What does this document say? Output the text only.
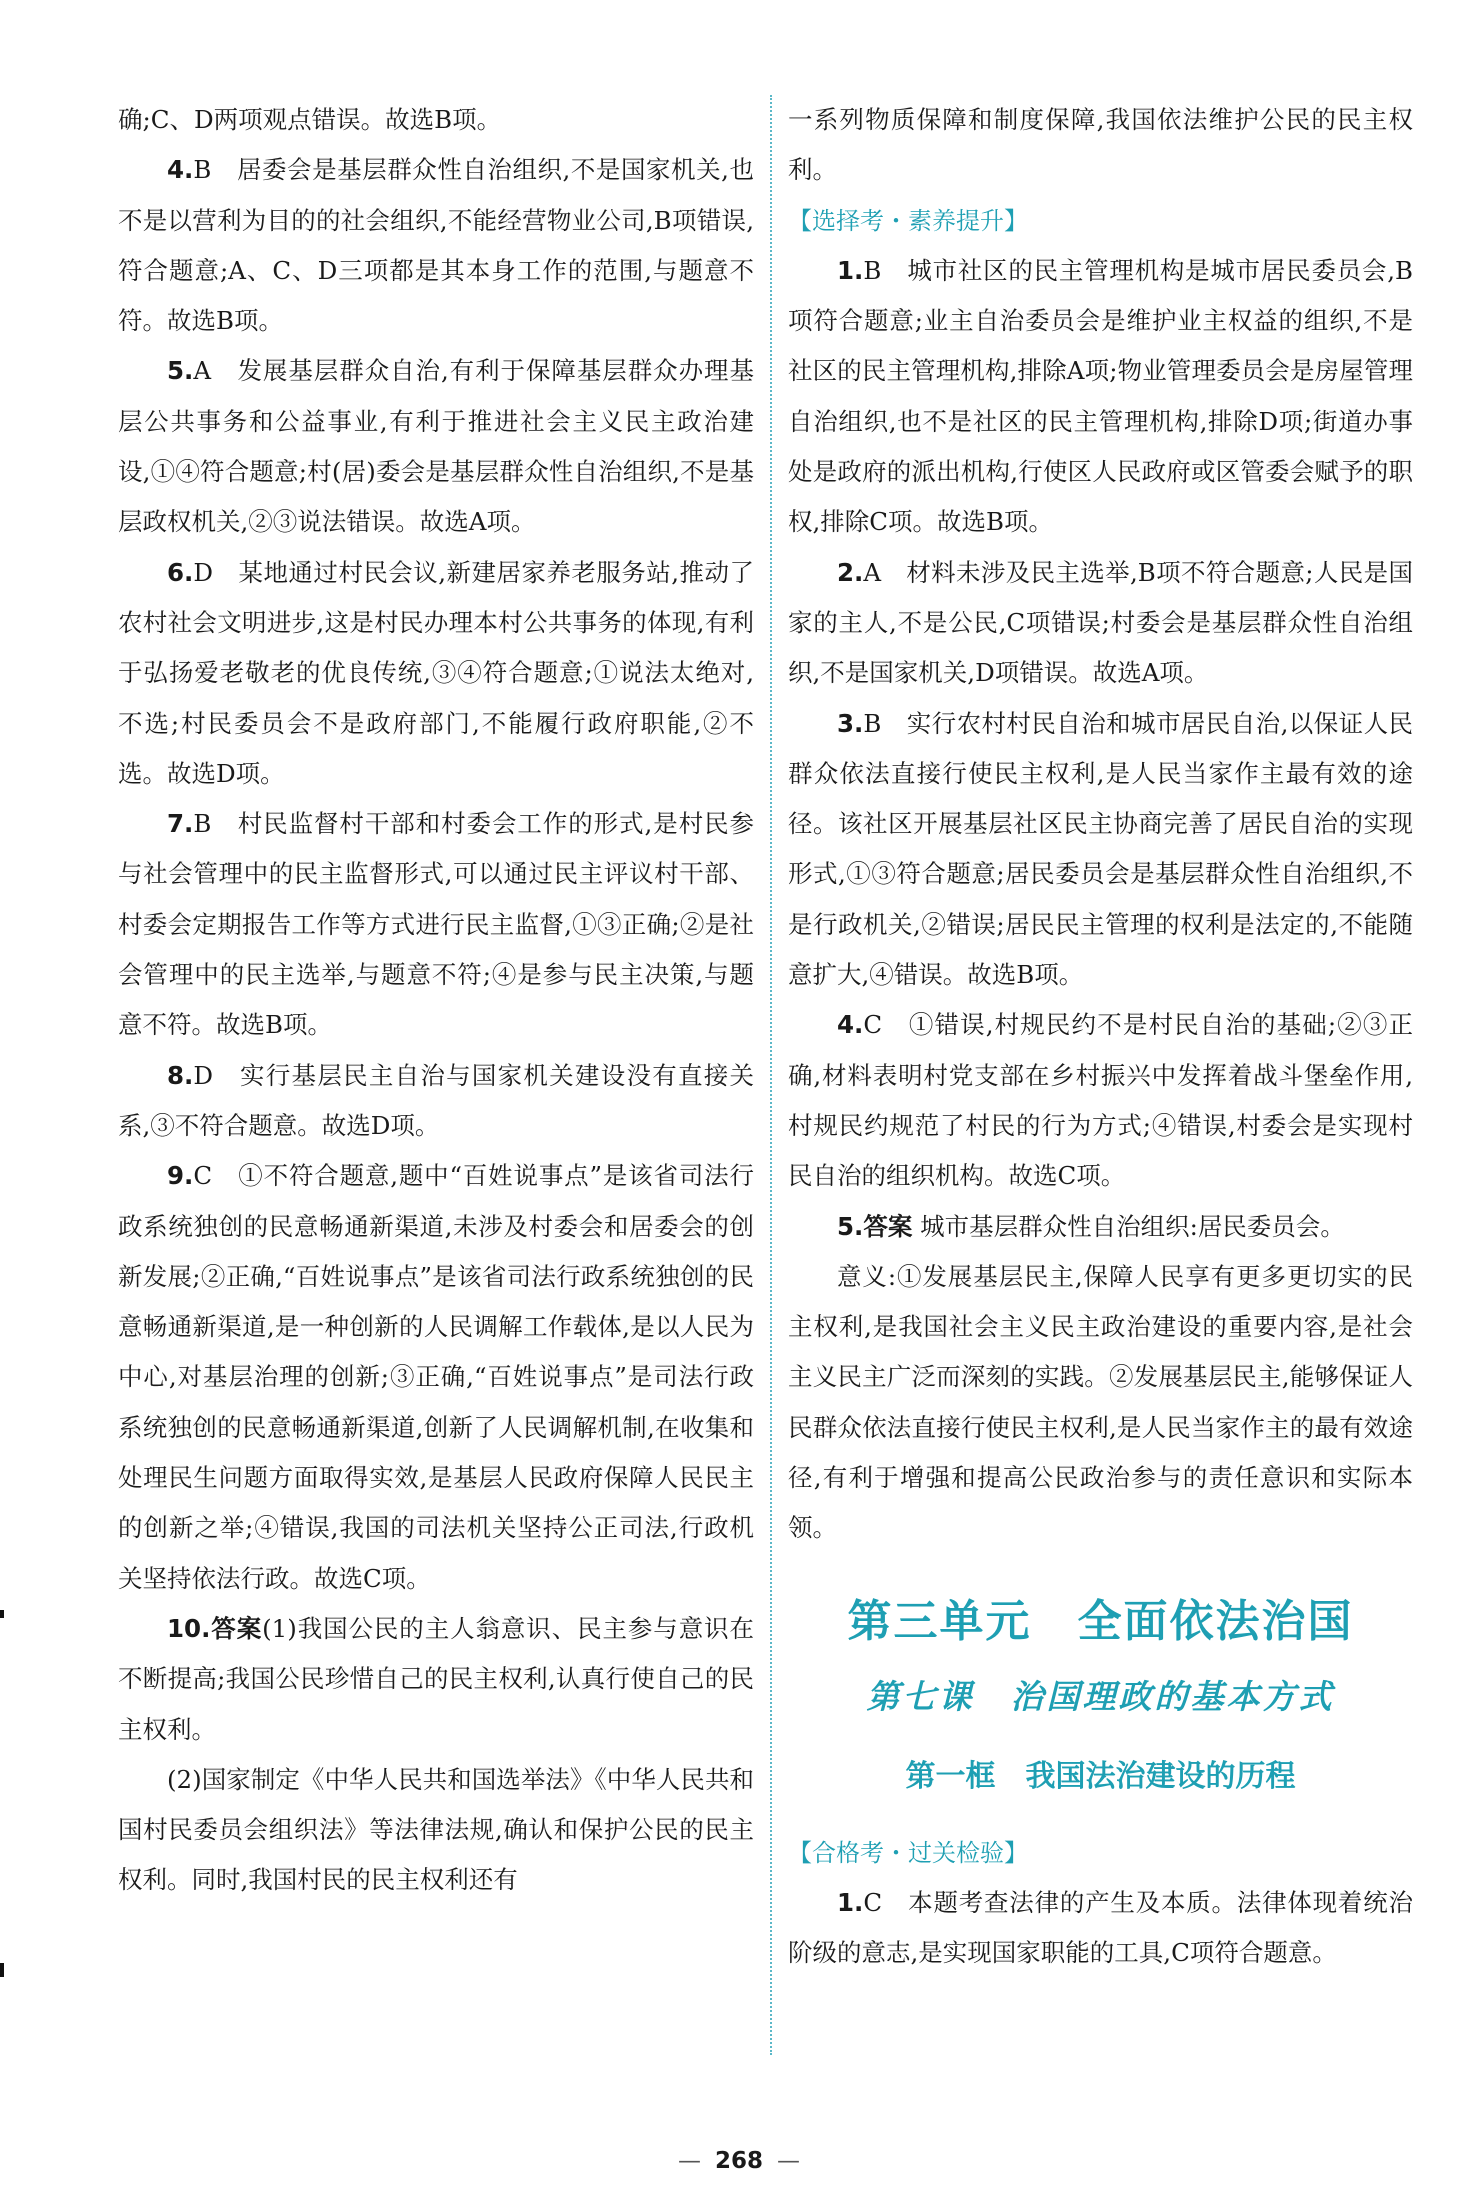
确;C、D两项观点错误。故选B项。

4.B　居委会是基层群众性自治组织,不是国家机关,也不是以营利为目的的社会组织,不能经营物业公司,B项错误,符合题意;A、C、D三项都是其本身工作的范围,与题意不符。故选B项。

5.A　发展基层群众自治,有利于保障基层群众办理基层公共事务和公益事业,有利于推进社会主义民主政治建设,①④符合题意;村(居)委会是基层群众性自治组织,不是基层政权机关,②③说法错误。故选A项。

6.D　某地通过村民会议,新建居家养老服务站,推动了农村社会文明进步,这是村民办理本村公共事务的体现,有利于弘扬爱老敬老的优良传统,③④符合题意;①说法太绝对,不选;村民委员会不是政府部门,不能履行政府职能,②不选。故选D项。

7.B　村民监督村干部和村委会工作的形式,是村民参与社会管理中的民主监督形式,可以通过民主评议村干部、村委会定期报告工作等方式进行民主监督,①③正确;②是社会管理中的民主选举,与题意不符;④是参与民主决策,与题意不符。故选B项。

8.D　实行基层民主自治与国家机关建设没有直接关系,③不符合题意。故选D项。

9.C　①不符合题意,题中“百姓说事点”是该省司法行政系统独创的民意畅通新渠道,未涉及村委会和居委会的创新发展;②正确,“百姓说事点”是该省司法行政系统独创的民意畅通新渠道,是一种创新的人民调解工作载体,是以人民为中心,对基层治理的创新;③正确,“百姓说事点”是司法行政系统独创的民意畅通新渠道,创新了人民调解机制,在收集和处理民生问题方面取得实效,是基层人民政府保障人民民主的创新之举;④错误,我国的司法机关坚持公正司法,行政机关坚持依法行政。故选C项。

10.答案(1)我国公民的主人翁意识、民主参与意识在不断提高;我国公民珍惜自己的民主权利,认真行使自己的民主权利。

(2)国家制定《中华人民共和国选举法》《中华人民共和国村民委员会组织法》等法律法规,确认和保护公民的民主权利。同时,我国村民的民主权利还有

一系列物质保障和制度保障,我国依法维护公民的民主权利。

【选择考・素养提升】

1.B　城市社区的民主管理机构是城市居民委员会,B项符合题意;业主自治委员会是维护业主权益的组织,不是社区的民主管理机构,排除A项;物业管理委员会是房屋管理自治组织,也不是社区的民主管理机构,排除D项;街道办事处是政府的派出机构,行使区人民政府或区管委会赋予的职权,排除C项。故选B项。

2.A　材料未涉及民主选举,B项不符合题意;人民是国家的主人,不是公民,C项错误;村委会是基层群众性自治组织,不是国家机关,D项错误。故选A项。

3.B　实行农村村民自治和城市居民自治,以保证人民群众依法直接行使民主权利,是人民当家作主最有效的途径。该社区开展基层社区民主协商完善了居民自治的实现形式,①③符合题意;居民委员会是基层群众性自治组织,不是行政机关,②错误;居民民主管理的权利是法定的,不能随意扩大,④错误。故选B项。

4.C　①错误,村规民约不是村民自治的基础;②③正确,材料表明村党支部在乡村振兴中发挥着战斗堡垒作用,村规民约规范了村民的行为方式;④错误,村委会是实现村民自治的组织机构。故选C项。

5.答案 城市基层群众性自治组织:居民委员会。

意义:①发展基层民主,保障人民享有更多更切实的民主权利,是我国社会主义民主政治建设的重要内容,是社会主义民主广泛而深刻的实践。②发展基层民主,能够保证人民群众依法直接行使民主权利,是人民当家作主的最有效途径,有利于增强和提高公民政治参与的责任意识和实际本领。

第三单元　全面依法治国
第七课　治国理政的基本方式
第一框　我国法治建设的历程

【合格考・过关检验】

1.C　本题考查法律的产生及本质。法律体现着统治阶级的意志,是实现国家职能的工具,C项符合题意。

— 268 —
